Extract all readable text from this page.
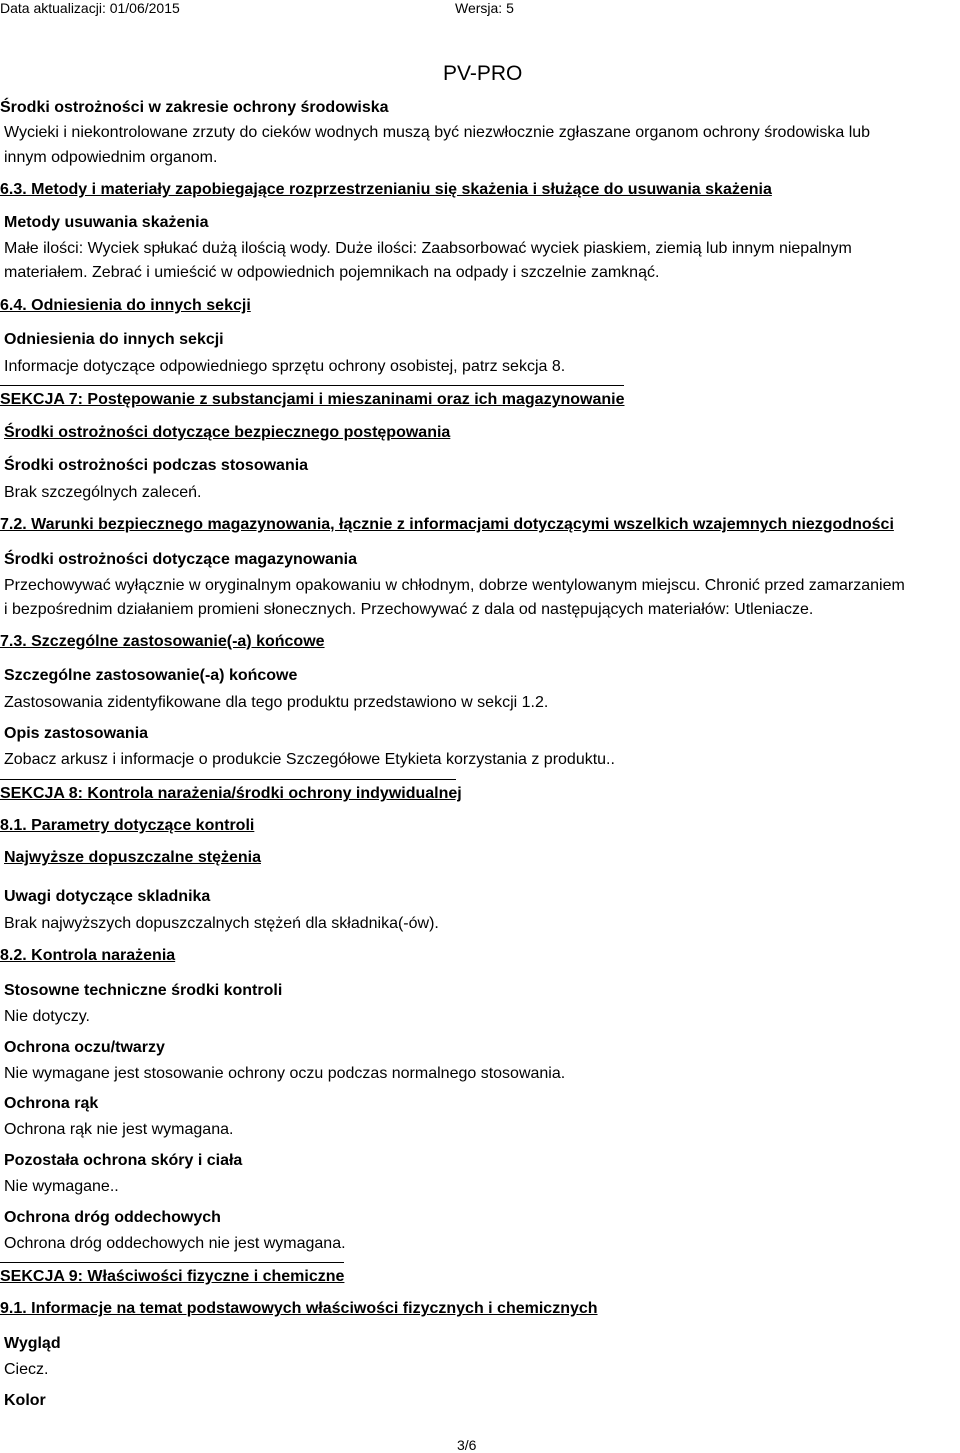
Data aktualizacji: 01/06/2015	Wersja: 5
PV-PRO
Środki ostrożności w zakresie ochrony środowiska
Wycieki i niekontrolowane zrzuty do cieków wodnych muszą być niezwłocznie zgłaszane organom ochrony środowiska lub
innym odpowiednim organom.
6.3. Metody i materiały zapobiegające rozprzestrzenianiu się skażenia i służące do usuwania skażenia
Metody usuwania skażenia
Małe ilości: Wyciek spłukać dużą ilością wody. Duże ilości: Zaabsorbować wyciek piaskiem, ziemią lub innym niepalnym
materiałem. Zebrać i umieścić w odpowiednich pojemnikach na odpady i szczelnie zamknąć.
6.4. Odniesienia do innych sekcji
Odniesienia do innych sekcji
Informacje dotyczące odpowiedniego sprzętu ochrony osobistej, patrz sekcja 8.
SEKCJA 7: Postępowanie z substancjami i mieszaninami oraz ich magazynowanie
Środki ostrożności dotyczące bezpiecznego postępowania
Środki ostrożności podczas stosowania
Brak szczególnych zaleceń.
7.2. Warunki bezpiecznego magazynowania, łącznie z informacjami dotyczącymi wszelkich wzajemnych niezgodności
Środki ostrożności dotyczące magazynowania
Przechowywać wyłącznie w oryginalnym opakowaniu w chłodnym, dobrze wentylowanym miejscu. Chronić przed zamarzaniem
i bezpośrednim działaniem promieni słonecznych. Przechowywać z dala od następujących materiałów: Utleniacze.
7.3. Szczególne zastosowanie(-a) końcowe
Szczególne zastosowanie(-a) końcowe
Zastosowania zidentyfikowane dla tego produktu przedstawiono w sekcji 1.2.
Opis zastosowania
Zobacz arkusz i informacje o produkcie Szczegółowe Etykieta korzystania z produktu..
SEKCJA 8: Kontrola narażenia/środki ochrony indywidualnej
8.1. Parametry dotyczące kontroli
Najwyższe dopuszczalne stężenia
Uwagi dotyczące skladnika
Brak najwyższych dopuszczalnych stężeń dla składnika(-ów).
8.2. Kontrola narażenia
Stosowne techniczne środki kontroli
Nie dotyczy.
Ochrona oczu/twarzy
Nie wymagane jest stosowanie ochrony oczu podczas normalnego stosowania.
Ochrona rąk
Ochrona rąk nie jest wymagana.
Pozostała ochrona skóry i ciała
Nie wymagane..
Ochrona dróg oddechowych
Ochrona dróg oddechowych nie jest wymagana.
SEKCJA 9: Właściwości fizyczne i chemiczne
9.1. Informacje na temat podstawowych właściwości fizycznych i chemicznych
Wygląd
Ciecz.
Kolor
3/6
